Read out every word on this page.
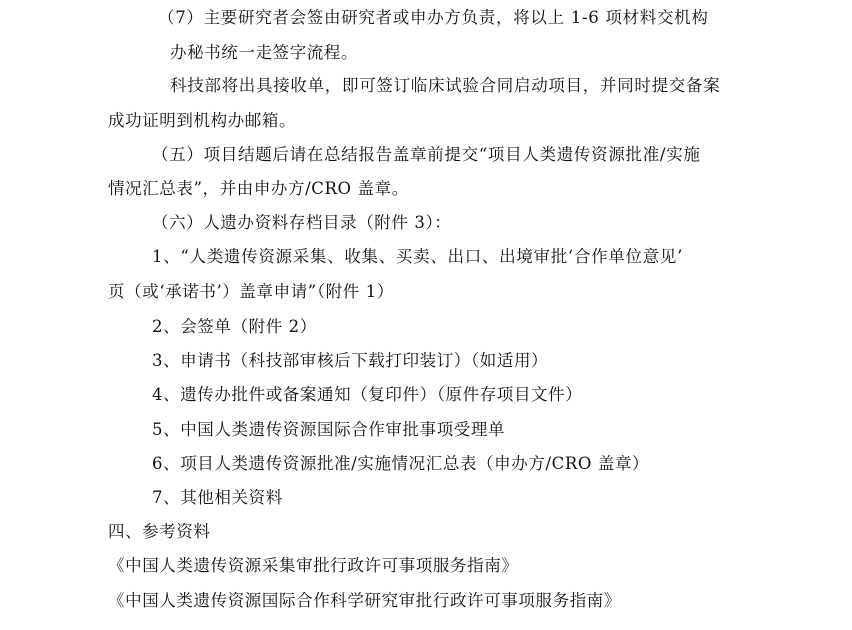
（7）主要研究者会签由研究者或申办方负责，将以上 1-6 项材料交机构
办秘书统一走签字流程。
科技部将出具接收单，即可签订临床试验合同启动项目，并同时提交备案
成功证明到机构办邮箱。
（五）项目结题后请在总结报告盖章前提交“项目人类遗传资源批准/实施
情况汇总表”，并由申办方/CRO 盖章。
（六）人遗办资料存档目录（附件 3）：
1、“人类遗传资源采集、收集、买卖、出口、出境审批‘合作单位意见’
页（或‘承诺书’）盖章申请”（附件 1）
2、会签单（附件 2）
3、申请书（科技部审核后下载打印装订）（如适用）
4、遗传办批件或备案通知（复印件）（原件存项目文件）
5、中国人类遗传资源国际合作审批事项受理单
6、项目人类遗传资源批准/实施情况汇总表（申办方/CRO 盖章）
7、其他相关资料
四、参考资料
《中国人类遗传资源采集审批行政许可事项服务指南》
《中国人类遗传资源国际合作科学研究审批行政许可事项服务指南》
